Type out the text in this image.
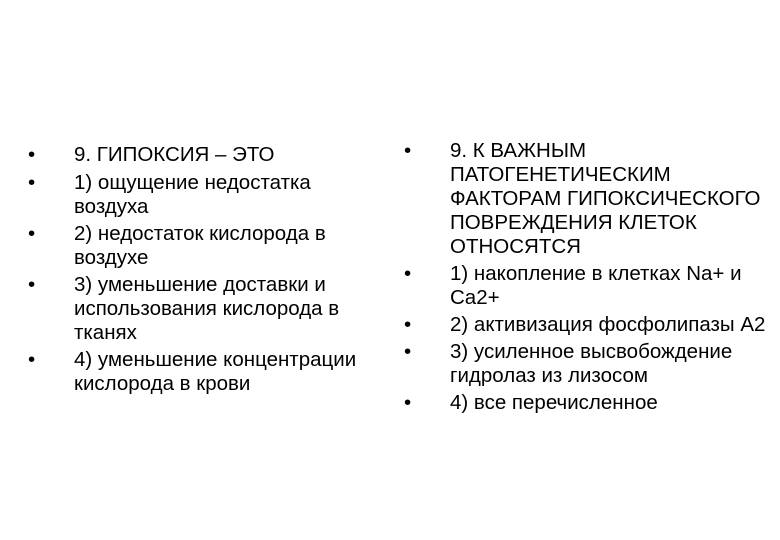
•	9. ГИПОКСИЯ – ЭТО
•	1) ощущение недостатка воздуха
•	2) недостаток кислорода в воздухе
•	3) уменьшение доставки и использования кислорода в тканях
•	4) уменьшение концентрации кислорода в крови
•	9. К ВАЖНЫМ ПАТОГЕНЕТИЧЕСКИМ ФАКТОРАМ ГИПОКСИЧЕСКОГО ПОВРЕЖДЕНИЯ КЛЕТОК ОТНОСЯТСЯ
•	1) накопление в клетках Na+ и Ca2+
•	2) активизация фосфолипазы А2
•	3) усиленное высвобождение гидролаз из лизосом
•	4) все перечисленное
